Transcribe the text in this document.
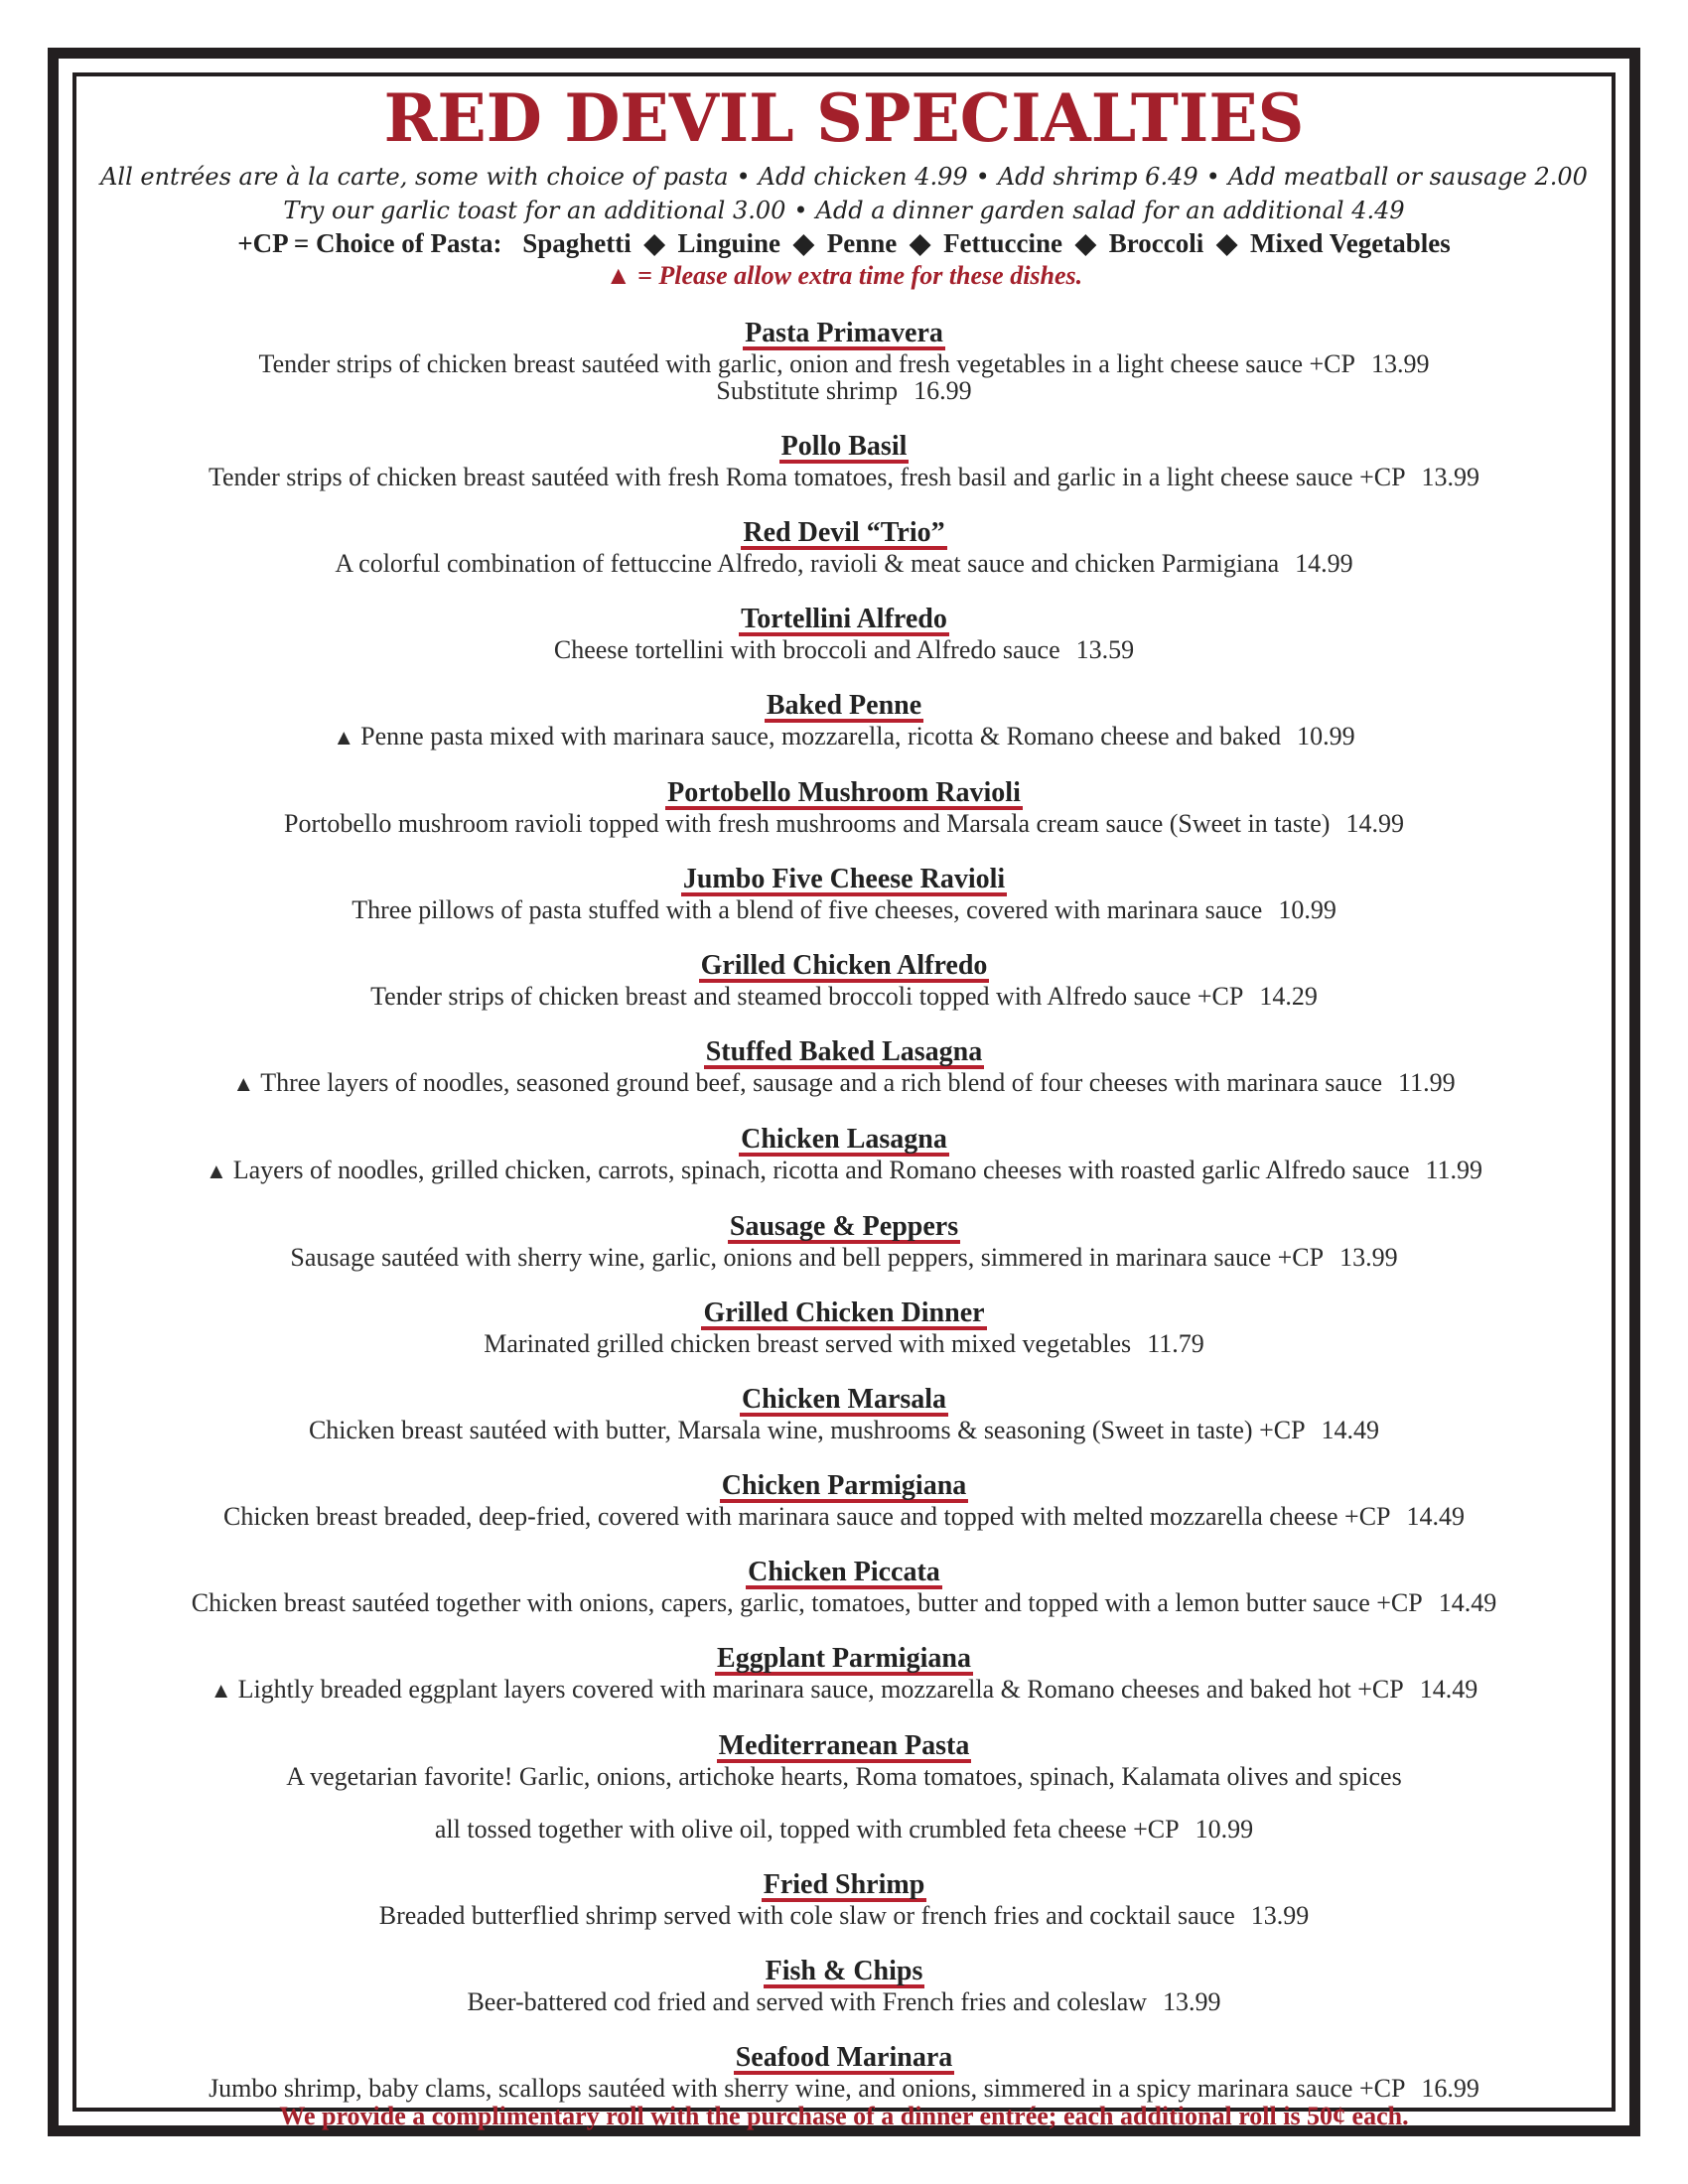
RED DEVIL SPECIALTIES
All entrées are à la carte, some with choice of pasta • Add chicken 4.99 • Add shrimp 6.49 • Add meatball or sausage 2.00
Try our garlic toast for an additional 3.00 • Add a dinner garden salad for an additional 4.49
+CP = Choice of Pasta: Spaghetti ◆ Linguine ◆ Penne ◆ Fettuccine ◆ Broccoli ◆ Mixed Vegetables
▲ = Please allow extra time for these dishes.
Pasta Primavera
Tender strips of chicken breast sautéed with garlic, onion and fresh vegetables in a light cheese sauce +CP 13.99
Substitute shrimp 16.99
Pollo Basil
Tender strips of chicken breast sautéed with fresh Roma tomatoes, fresh basil and garlic in a light cheese sauce +CP 13.99
Red Devil “Trio”
A colorful combination of fettuccine Alfredo, ravioli & meat sauce and chicken Parmigiana 14.99
Tortellini Alfredo
Cheese tortellini with broccoli and Alfredo sauce 13.59
Baked Penne
▲ Penne pasta mixed with marinara sauce, mozzarella, ricotta & Romano cheese and baked 10.99
Portobello Mushroom Ravioli
Portobello mushroom ravioli topped with fresh mushrooms and Marsala cream sauce (Sweet in taste) 14.99
Jumbo Five Cheese Ravioli
Three pillows of pasta stuffed with a blend of five cheeses, covered with marinara sauce 10.99
Grilled Chicken Alfredo
Tender strips of chicken breast and steamed broccoli topped with Alfredo sauce +CP 14.29
Stuffed Baked Lasagna
▲ Three layers of noodles, seasoned ground beef, sausage and a rich blend of four cheeses with marinara sauce 11.99
Chicken Lasagna
▲ Layers of noodles, grilled chicken, carrots, spinach, ricotta and Romano cheeses with roasted garlic Alfredo sauce 11.99
Sausage & Peppers
Sausage sautéed with sherry wine, garlic, onions and bell peppers, simmered in marinara sauce +CP 13.99
Grilled Chicken Dinner
Marinated grilled chicken breast served with mixed vegetables 11.79
Chicken Marsala
Chicken breast sautéed with butter, Marsala wine, mushrooms & seasoning (Sweet in taste) +CP 14.49
Chicken Parmigiana
Chicken breast breaded, deep-fried, covered with marinara sauce and topped with melted mozzarella cheese +CP 14.49
Chicken Piccata
Chicken breast sautéed together with onions, capers, garlic, tomatoes, butter and topped with a lemon butter sauce +CP 14.49
Eggplant Parmigiana
▲ Lightly breaded eggplant layers covered with marinara sauce, mozzarella & Romano cheeses and baked hot +CP 14.49
Mediterranean Pasta
A vegetarian favorite! Garlic, onions, artichoke hearts, Roma tomatoes, spinach, Kalamata olives and spices
all tossed together with olive oil, topped with crumbled feta cheese +CP 10.99
Fried Shrimp
Breaded butterflied shrimp served with cole slaw or french fries and cocktail sauce 13.99
Fish & Chips
Beer-battered cod fried and served with French fries and coleslaw 13.99
Seafood Marinara
Jumbo shrimp, baby clams, scallops sautéed with sherry wine, and onions, simmered in a spicy marinara sauce +CP 16.99
We provide a complimentary roll with the purchase of a dinner entrée; each additional roll is 50¢ each.
